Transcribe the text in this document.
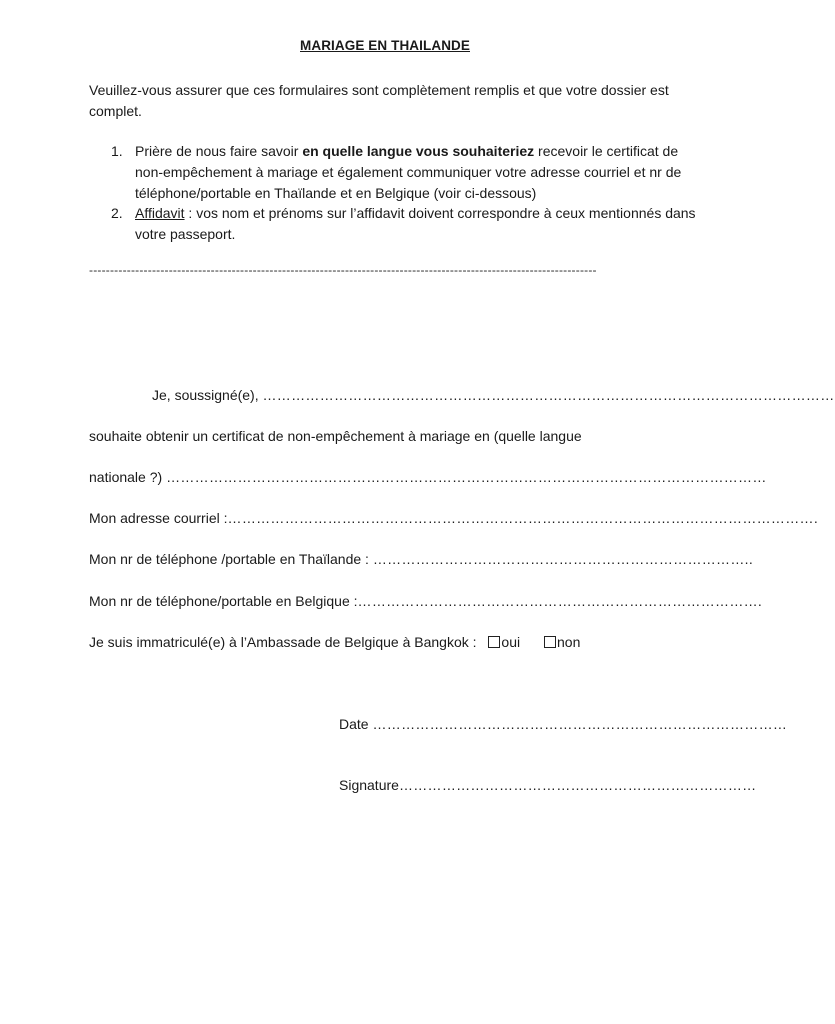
MARIAGE EN THAILANDE
Veuillez-vous assurer que ces formulaires sont complètement remplis et que votre dossier est complet.
1. Prière de nous faire savoir en quelle langue vous souhaiteriez recevoir le certificat de non-empêchement à mariage et également communiquer votre adresse courriel et nr de téléphone/portable en Thaïlande et en Belgique (voir ci-dessous)
2. Affidavit : vos nom et prénoms sur l’affidavit doivent correspondre à ceux mentionnés dans votre passeport.
-------------------------------------------------------------------------------------------------------------------------
Je, soussigné(e), …………………………………………………………………………………………………………
souhaite obtenir un certificat de non-empêchement à mariage en (quelle langue
nationale ?) ………………………………………………………………………………………………………………
Mon adresse courriel :…………………………………………………………………………………………………………….
Mon nr de téléphone /portable en Thaïlande : ……………………………………………………………………..
Mon nr de téléphone/portable en Belgique :………………………………………………………………………….
Je suis immatriculé(e) à l’Ambassade de Belgique à Bangkok : oui	non
Date ……………………………………………………………………………
Signature…………………………………………………………………
